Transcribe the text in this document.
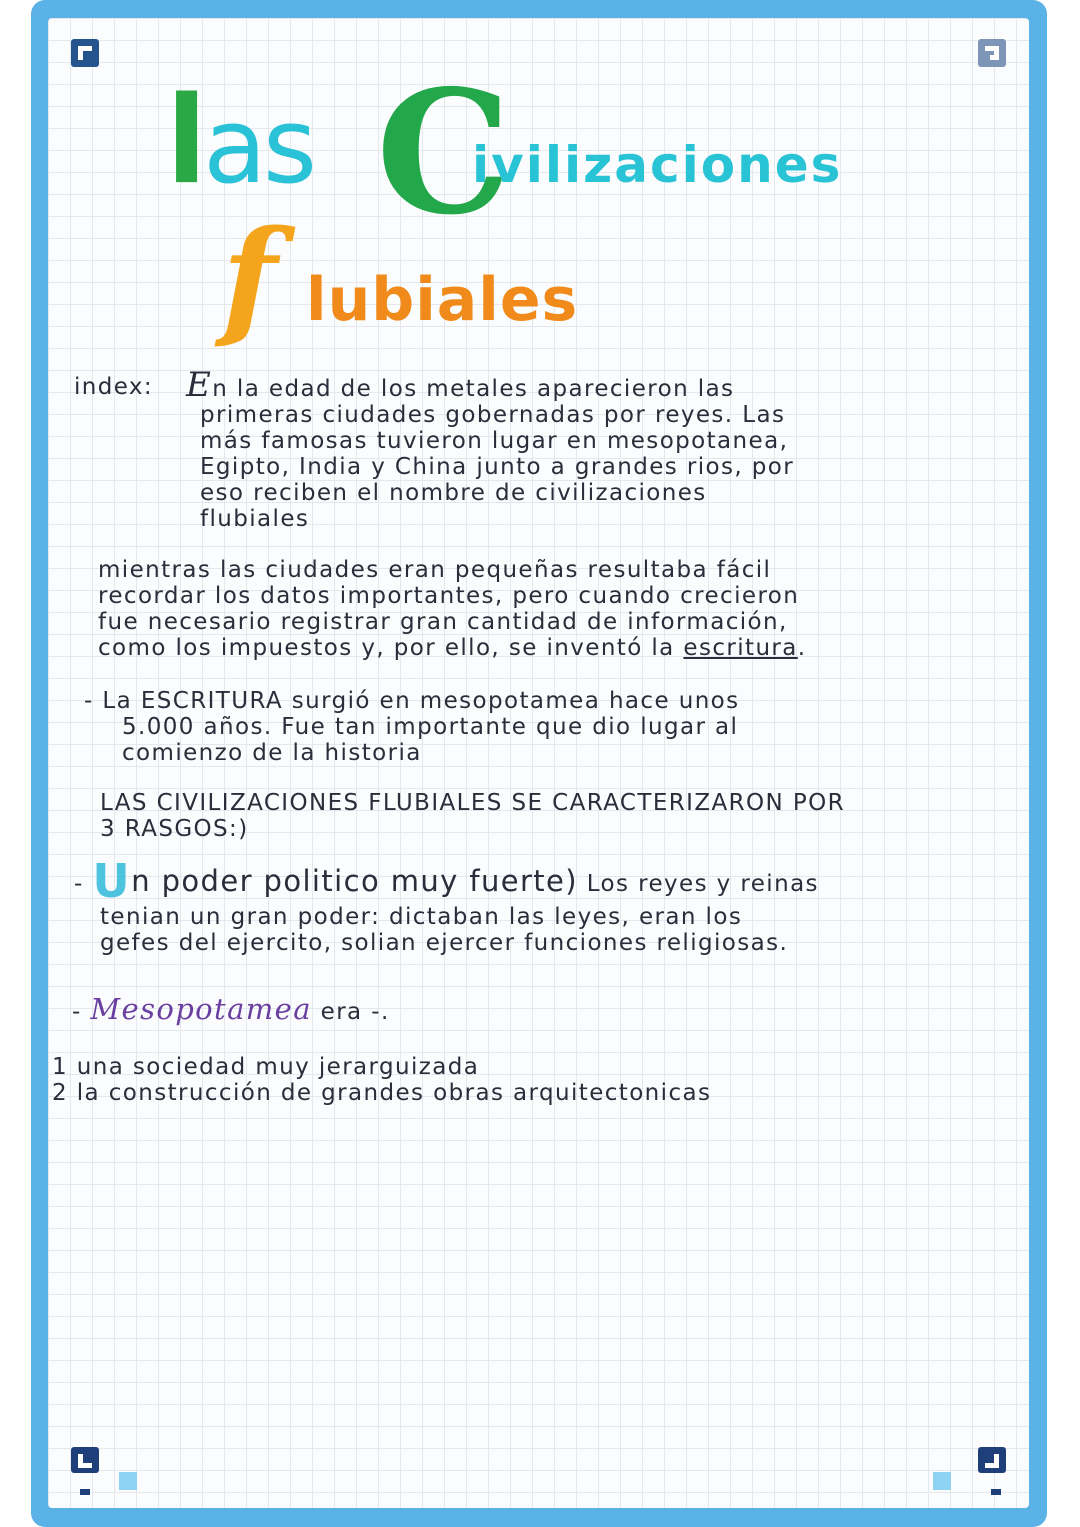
las C
ivilizaciones
f lubiales
index: En la edad de los metales aparecieron las
primeras ciudades gobernadas por reyes. Las
más famosas tuvieron lugar en mesopotanea,
Egipto, India y China junto a grandes rios, por
eso reciben el nombre de civilizaciones
flubiales
mientras las ciudades eran pequeñas resultaba fácil
recordar los datos importantes, pero cuando crecieron
fue necesario registrar gran cantidad de información,
como los impuestos y, por ello, se inventó la escritura.
- La ESCRITURA surgió en mesopotamea hace unos
5.000 años. Fue tan importante que dio lugar al
comienzo de la historia
LAS CIVILIZACIONES FLUBIALES SE CARACTERIZARON POR
3 RASGOS:)
- Un poder politico muy fuerte) Los reyes y reinas
tenian un gran poder: dictaban las leyes, eran los
gefes del ejercito, solian ejercer funciones religiosas.
- Mesopotamea era -.
1 una sociedad muy jerarguizada
2 la construcción de grandes obras arquitectonicas
